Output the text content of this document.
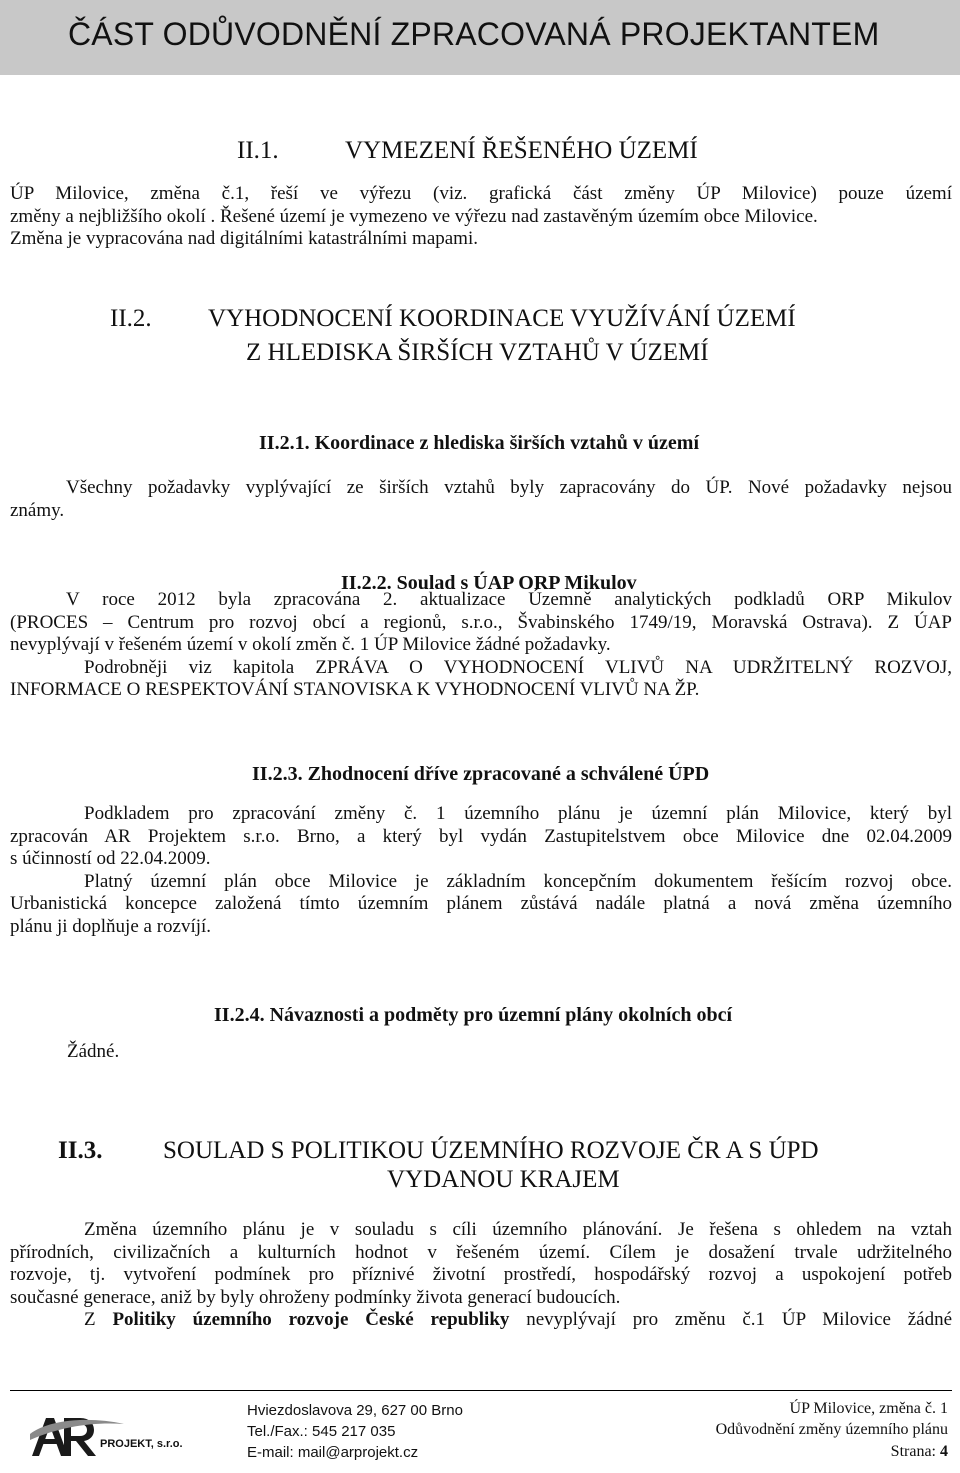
ČÁST ODŮVODNĚNÍ ZPRACOVANÁ PROJEKTANTEM
II.1.	VYMEZENÍ ŘEŠENÉHO ÚZEMÍ
ÚP Milovice, změna č.1, řeší ve výřezu (viz. grafická část změny ÚP Milovice) pouze území
změny a nejbližšího okolí . Řešené území je vymezeno ve výřezu nad zastavěným územím obce Milovice.
Změna je vypracována nad digitálními katastrálními mapami.
II.2. VYHODNOCENÍ KOORDINACE VYUŽÍVÁNÍ ÚZEMÍ
Z HLEDISKA ŠIRŠÍCH VZTAHŮ V ÚZEMÍ
II.2.1. Koordinace z hlediska širších vztahů v území
Všechny požadavky vyplývající ze širších vztahů byly zapracovány do ÚP. Nové požadavky nejsou
známy.
II.2.2. Soulad s ÚAP ORP Mikulov
V roce 2012 byla zpracována 2. aktualizace Územně analytických podkladů ORP Mikulov
(PROCES – Centrum pro rozvoj obcí a regionů, s.r.o., Švabinského 1749/19, Moravská Ostrava). Z ÚAP
nevyplývají v řešeném území v okolí změn č. 1 ÚP Milovice žádné požadavky.
Podrobněji viz kapitola ZPRÁVA O VYHODNOCENÍ VLIVŮ NA UDRŽITELNÝ ROZVOJ,
INFORMACE O RESPEKTOVÁNÍ STANOVISKA K VYHODNOCENÍ VLIVŮ NA ŽP.
II.2.3. Zhodnocení dříve zpracované a schválené ÚPD
Podkladem pro zpracování změny č. 1 územního plánu je územní plán Milovice, který byl
zpracován AR Projektem s.r.o. Brno, a který byl vydán Zastupitelstvem obce Milovice dne 02.04.2009
s účinností od 22.04.2009.
Platný územní plán obce Milovice je základním koncepčním dokumentem řešícím rozvoj obce.
Urbanistická koncepce založená tímto územním plánem zůstává nadále platná a nová změna územního
plánu ji doplňuje a rozvíjí.
II.2.4. Návaznosti a podměty pro územní plány okolních obcí
Žádné.
II.3. SOULAD S POLITIKOU ÚZEMNÍHO ROZVOJE ČR A S ÚPD
VYDANOU KRAJEM
Změna územního plánu je v souladu s cíli územního plánování. Je řešena s ohledem na vztah
přírodních, civilizačních a kulturních hodnot v řešeném území. Cílem je dosažení trvale udržitelného
rozvoje, tj. vytvoření podmínek pro příznivé životní prostředí, hospodářský rozvoj a uspokojení potřeb
současné generace, aniž by byly ohroženy podmínky života generací budoucích.
Z Politiky územního rozvoje České republiky nevyplývají pro změnu č.1 ÚP Milovice žádné
PROJEKT, s.r.o.
Hviezdoslavova 29, 627 00 Brno
Tel./Fax.: 545 217 035
E-mail: mail@arprojekt.cz
ÚP Milovice, změna č. 1
Odůvodnění změny územního plánu
Strana: 4
